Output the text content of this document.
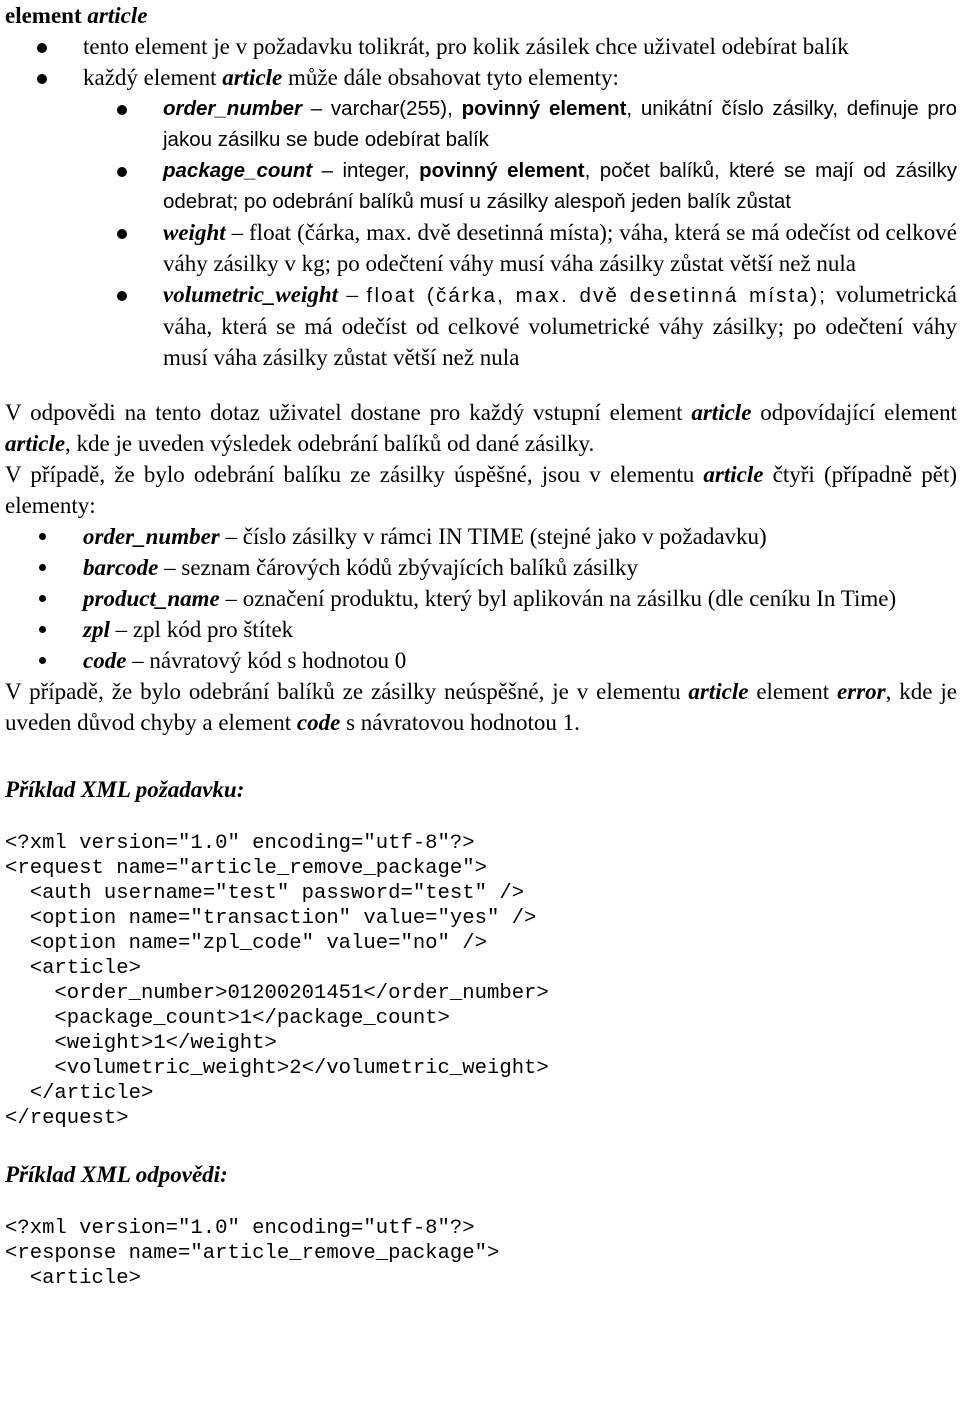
element article

tento element je v požadavku tolikrát, pro kolik zásilek chce uživatel odebírat balík
každý element article může dále obsahovat tyto elementy:
order_number – varchar(255), povinný element, unikátní číslo zásilky, definuje pro jakou zásilku se bude odebírat balík
package_count – integer, povinný element, počet balíků, které se mají od zásilky odebrat; po odebrání balíků musí u zásilky alespoň jeden balík zůstat
weight – float (čárka, max. dvě desetinná místa); váha, která se má odečíst od celkové váhy zásilky v kg; po odečtení váhy musí váha zásilky zůstat větší než nula
volumetric_weight – float (čárka, max. dvě desetinná místa); volumetrická váha, která se má odečíst od celkové volumetrické váhy zásilky; po odečtení váhy musí váha zásilky zůstat větší než nula

V odpovědi na tento dotaz uživatel dostane pro každý vstupní element article odpovídající element article, kde je uveden výsledek odebrání balíků od dané zásilky.

V případě, že bylo odebrání balíku ze zásilky úspěšné, jsou v elementu article čtyři (případně pět) elementy:

order_number – číslo zásilky v rámci IN TIME (stejné jako v požadavku)
barcode – seznam čárových kódů zbývajících balíků zásilky
product_name – označení produktu, který byl aplikován na zásilku (dle ceníku In Time)
zpl – zpl kód pro štítek
code – návratový kód s hodnotou 0

V případě, že bylo odebrání balíků ze zásilky neúspěšné, je v elementu article element error, kde je uveden důvod chyby a element code s návratovou hodnotou 1.

Příklad XML požadavku:

<?xml version="1.0" encoding="utf-8"?>
<request name="article_remove_package">
<auth username="test" password="test" />
<option name="transaction" value="yes" />
<option name="zpl_code" value="no" />
<article>
<order_number>01200201451</order_number>
<package_count>1</package_count>
<weight>1</weight>
<volumetric_weight>2</volumetric_weight>
</article>
</request>

Příklad XML odpovědi:

<?xml version="1.0" encoding="utf-8"?>
<response name="article_remove_package">
<article>
